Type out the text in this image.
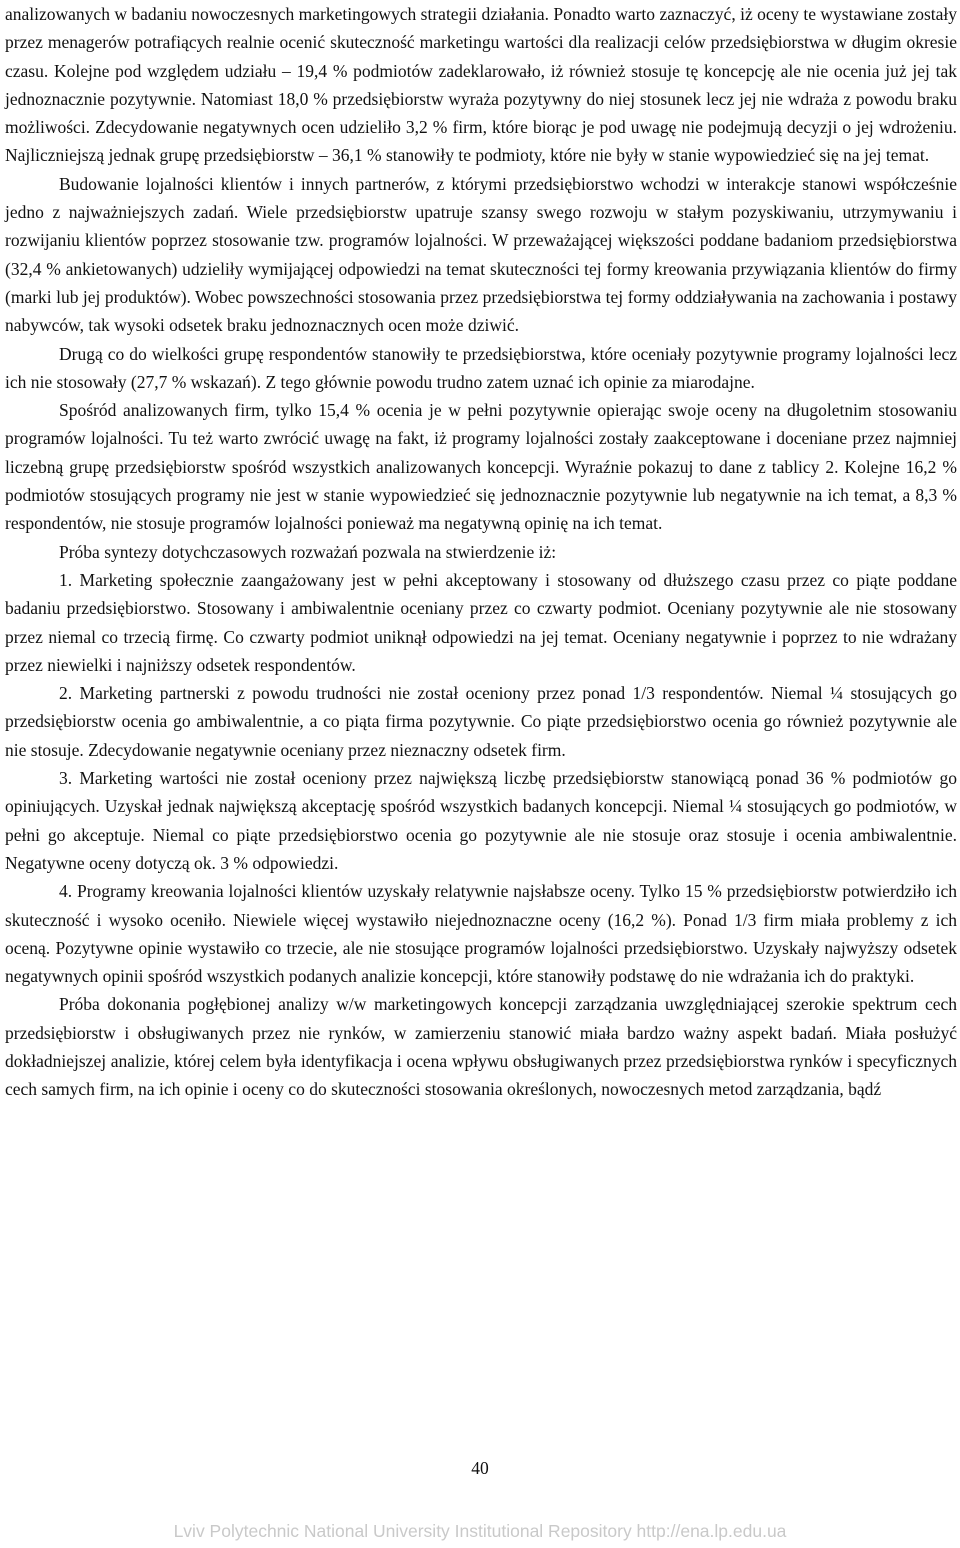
analizowanych w badaniu nowoczesnych marketingowych strategii działania. Ponadto warto zaznaczyć, iż oceny te wystawiane zostały przez menagerów potrafiących realnie ocenić skuteczność marketingu wartości dla realizacji celów przedsiębiorstwa w długim okresie czasu. Kolejne pod względem udziału – 19,4 % podmiotów zadeklarowało, iż również stosuje tę koncepcję ale nie ocenia już jej tak jednoznacznie pozytywnie. Natomiast 18,0 % przedsiębiorstw wyraża pozytywny do niej stosunek lecz jej nie wdraża z powodu braku możliwości. Zdecydowanie negatywnych ocen udzieliło 3,2 % firm, które biorąc je pod uwagę nie podejmują decyzji o jej wdrożeniu. Najliczniejszą jednak grupę przedsiębiorstw – 36,1 % stanowiły te podmioty, które nie były w stanie wypowiedzieć się na jej temat.

Budowanie lojalności klientów i innych partnerów, z którymi przedsiębiorstwo wchodzi w interakcje stanowi współcześnie jedno z najważniejszych zadań. Wiele przedsiębiorstw upatruje szansy swego rozwoju w stałym pozyskiwaniu, utrzymywaniu i rozwijaniu klientów poprzez stosowanie tzw. programów lojalności. W przeważającej większości poddane badaniom przedsiębiorstwa (32,4 % ankietowanych) udzieliły wymijającej odpowiedzi na temat skuteczności tej formy kreowania przywiązania klientów do firmy (marki lub jej produktów). Wobec powszechności stosowania przez przedsiębiorstwa tej formy oddziaływania na zachowania i postawy nabywców, tak wysoki odsetek braku jednoznacznych ocen może dziwić.

Drugą co do wielkości grupę respondentów stanowiły te przedsiębiorstwa, które oceniały pozytywnie programy lojalności lecz ich nie stosowały (27,7 % wskazań). Z tego głównie powodu trudno zatem uznać ich opinie za miarodajne.

Spośród analizowanych firm, tylko 15,4 % ocenia je w pełni pozytywnie opierając swoje oceny na długoletnim stosowaniu programów lojalności. Tu też warto zwrócić uwagę na fakt, iż programy lojalności zostały zaakceptowane i doceniane przez najmniej liczebną grupę przedsiębiorstw spośród wszystkich analizowanych koncepcji. Wyraźnie pokazuj to dane z tablicy 2. Kolejne 16,2 % podmiotów stosujących programy nie jest w stanie wypowiedzieć się jednoznacznie pozytywnie lub negatywnie na ich temat, a 8,3 % respondentów, nie stosuje programów lojalności ponieważ ma negatywną opinię na ich temat.

Próba syntezy dotychczasowych rozważań pozwala na stwierdzenie iż:

1. Marketing społecznie zaangażowany jest w pełni akceptowany i stosowany od dłuższego czasu przez co piąte poddane badaniu przedsiębiorstwo. Stosowany i ambiwalentnie oceniany przez co czwarty podmiot. Oceniany pozytywnie ale nie stosowany przez niemal co trzecią firmę. Co czwarty podmiot uniknął odpowiedzi na jej temat. Oceniany negatywnie i poprzez to nie wdrażany przez niewielki i najniższy odsetek respondentów.

2. Marketing partnerski z powodu trudności nie został oceniony przez ponad 1/3 respondentów. Niemal ¼ stosujących go przedsiębiorstw ocenia go ambiwalentnie, a co piąta firma pozytywnie. Co piąte przedsiębiorstwo ocenia go również pozytywnie ale nie stosuje. Zdecydowanie negatywnie oceniany przez nieznaczny odsetek firm.

3. Marketing wartości nie został oceniony przez największą liczbę przedsiębiorstw stanowiącą ponad 36 % podmiotów go opiniujących. Uzyskał jednak największą akceptację spośród wszystkich badanych koncepcji. Niemal ¼ stosujących go podmiotów, w pełni go akceptuje. Niemal co piąte przedsiębiorstwo ocenia go pozytywnie ale nie stosuje oraz stosuje i ocenia ambiwalentnie. Negatywne oceny dotyczą ok. 3 % odpowiedzi.

4. Programy kreowania lojalności klientów uzyskały relatywnie najsłabsze oceny. Tylko 15 % przedsiębiorstw potwierdziło ich skuteczność i wysoko oceniło. Niewiele więcej wystawiło niejednoznaczne oceny (16,2 %). Ponad 1/3 firm miała problemy z ich oceną. Pozytywne opinie wystawiło co trzecie, ale nie stosujące programów lojalności przedsiębiorstwo. Uzyskały najwyższy odsetek negatywnych opinii spośród wszystkich podanych analizie koncepcji, które stanowiły podstawę do nie wdrażania ich do praktyki.

Próba dokonania pogłębionej analizy w/w marketingowych koncepcji zarządzania uwzględniającej szerokie spektrum cech przedsiębiorstw i obsługiwanych przez nie rynków, w zamierzeniu stanowić miała bardzo ważny aspekt badań. Miała posłużyć dokładniejszej analizie, której celem była identyfikacja i ocena wpływu obsługiwanych przez przedsiębiorstwa rynków i specyficznych cech samych firm, na ich opinie i oceny co do skuteczności stosowania określonych, nowoczesnych metod zarządzania, bądź

40
Lviv Polytechnic National University Institutional Repository http://ena.lp.edu.ua
